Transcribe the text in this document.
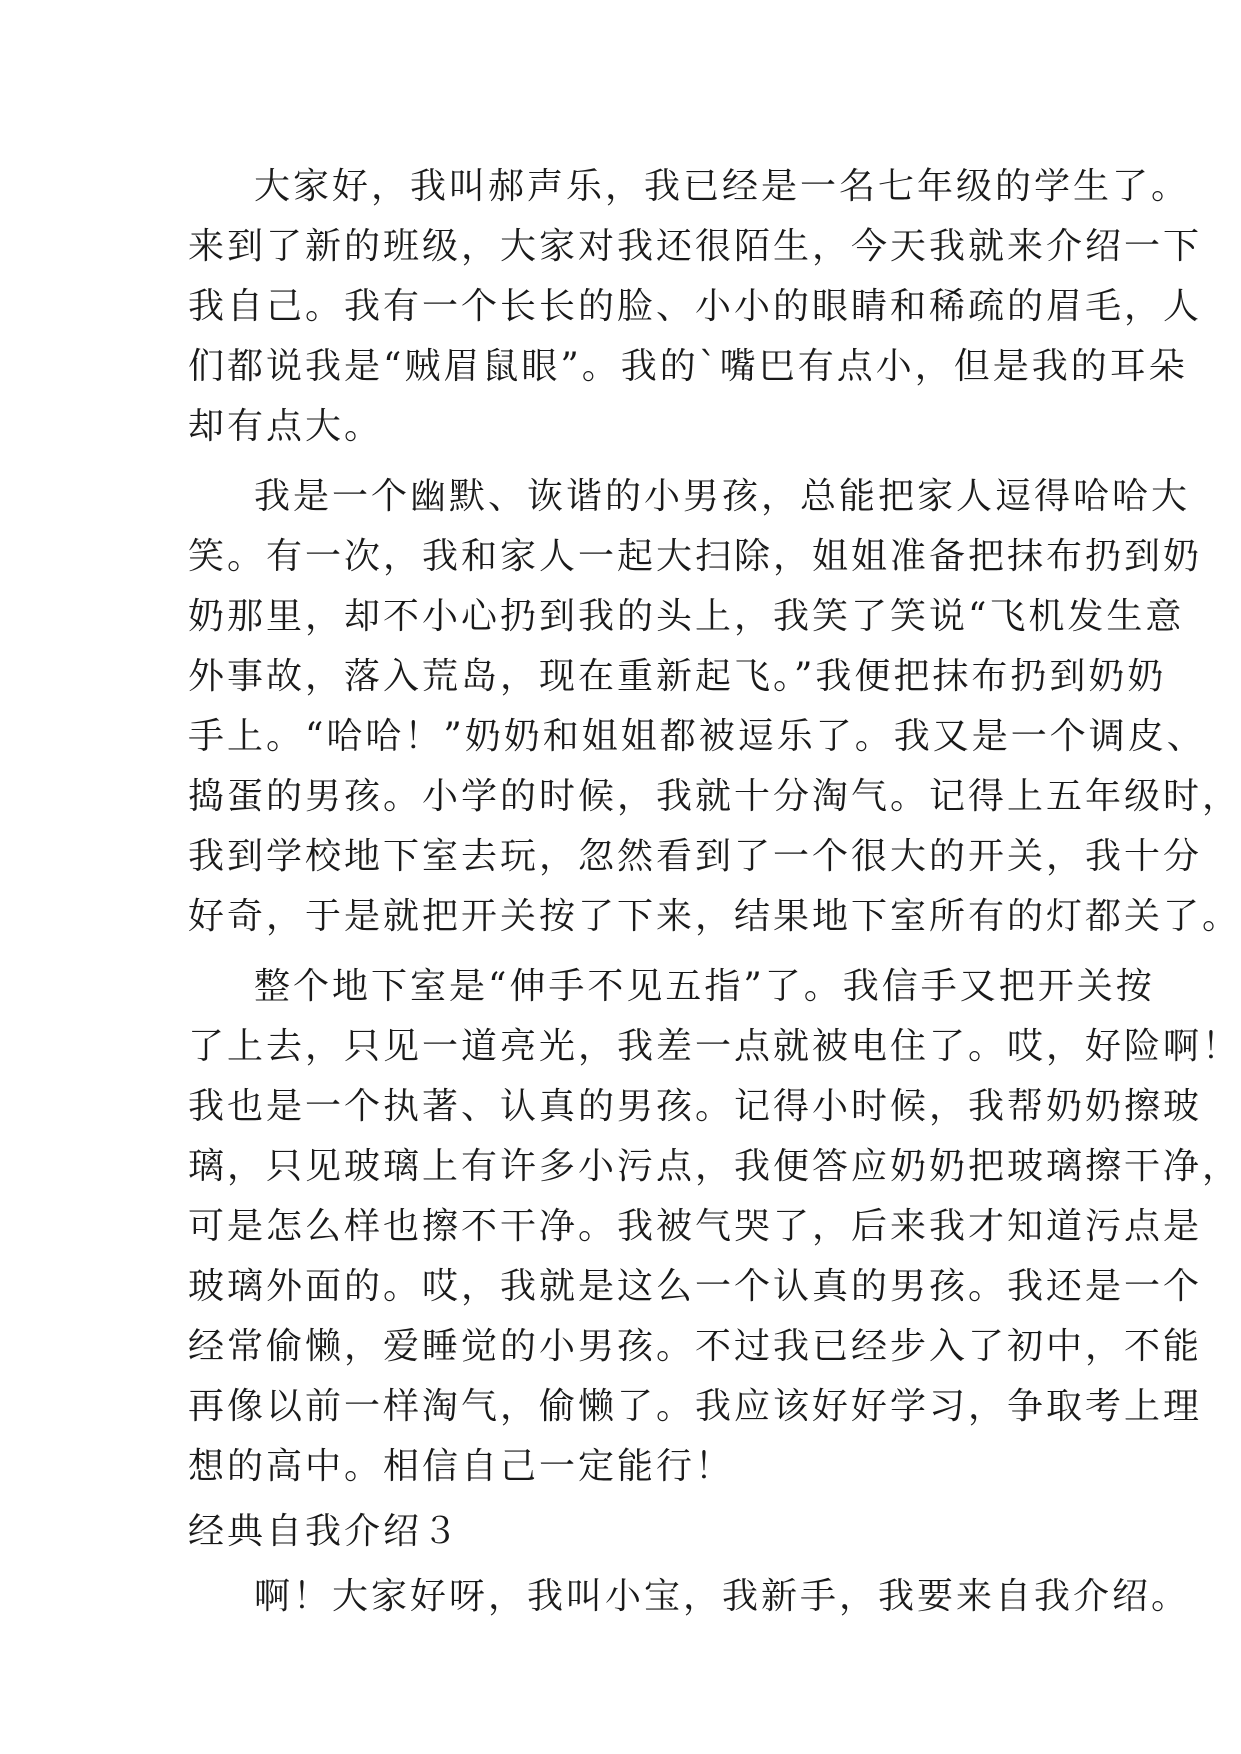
大家好，我叫郝声乐，我已经是一名七年级的学生了。
来到了新的班级，大家对我还很陌生，今天我就来介绍一下
我自己。我有一个长长的脸、小小的眼睛和稀疏的眉毛，人
们都说我是“贼眉鼠眼”。我的`嘴巴有点小，但是我的耳朵
却有点大。
我是一个幽默、诙谐的小男孩，总能把家人逗得哈哈大
笑。有一次，我和家人一起大扫除，姐姐准备把抹布扔到奶
奶那里，却不小心扔到我的头上，我笑了笑说“飞机发生意
外事故，落入荒岛，现在重新起飞。”我便把抹布扔到奶奶
手上。“哈哈！”奶奶和姐姐都被逗乐了。我又是一个调皮、
捣蛋的男孩。小学的时候，我就十分淘气。记得上五年级时，
我到学校地下室去玩，忽然看到了一个很大的开关，我十分
好奇，于是就把开关按了下来，结果地下室所有的灯都关了。
整个地下室是“伸手不见五指”了。我信手又把开关按
了上去，只见一道亮光，我差一点就被电住了。哎，好险啊！
我也是一个执著、认真的男孩。记得小时候，我帮奶奶擦玻
璃，只见玻璃上有许多小污点，我便答应奶奶把玻璃擦干净，
可是怎么样也擦不干净。我被气哭了，后来我才知道污点是
玻璃外面的。哎，我就是这么一个认真的男孩。我还是一个
经常偷懒，爱睡觉的小男孩。不过我已经步入了初中，不能
再像以前一样淘气，偷懒了。我应该好好学习，争取考上理
想的高中。相信自己一定能行！
经典自我介绍３
啊！大家好呀，我叫小宝，我新手，我要来自我介绍。
